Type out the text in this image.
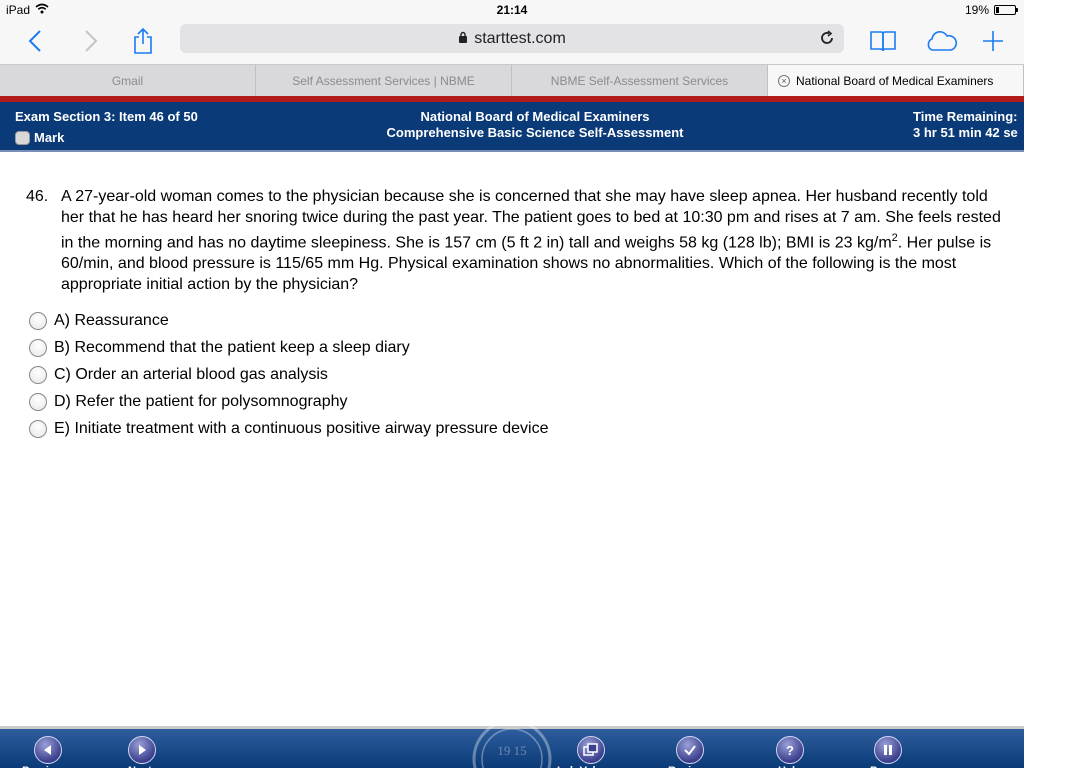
iPad	21:14	19%
starttest.com
Gmail	Self Assessment Services | NBME	NBME Self-Assessment Services	× National Board of Medical Examiners
Exam Section 3: Item 46 of 50
Mark
National Board of Medical Examiners
Comprehensive Basic Science Self-Assessment
Time Remaining:
3 hr 51 min 42 se
46. A 27-year-old woman comes to the physician because she is concerned that she may have sleep apnea. Her husband recently told her that he has heard her snoring twice during the past year. The patient goes to bed at 10:30 pm and rises at 7 am. She feels rested in the morning and has no daytime sleepiness. She is 157 cm (5 ft 2 in) tall and weighs 58 kg (128 lb); BMI is 23 $kg/m^2$. Her pulse is 60/min, and blood pressure is 115/65 mm Hg. Physical examination shows no abnormalities. Which of the following is the most appropriate initial action by the physician?
A) Reassurance
B) Recommend that the patient keep a sleep diary
C) Order an arterial blood gas analysis
D) Refer the patient for polysomnography
E) Initiate treatment with a continuous positive airway pressure device
19 15
Previous	Next	Lab Values	Review
?
Help	Pause
